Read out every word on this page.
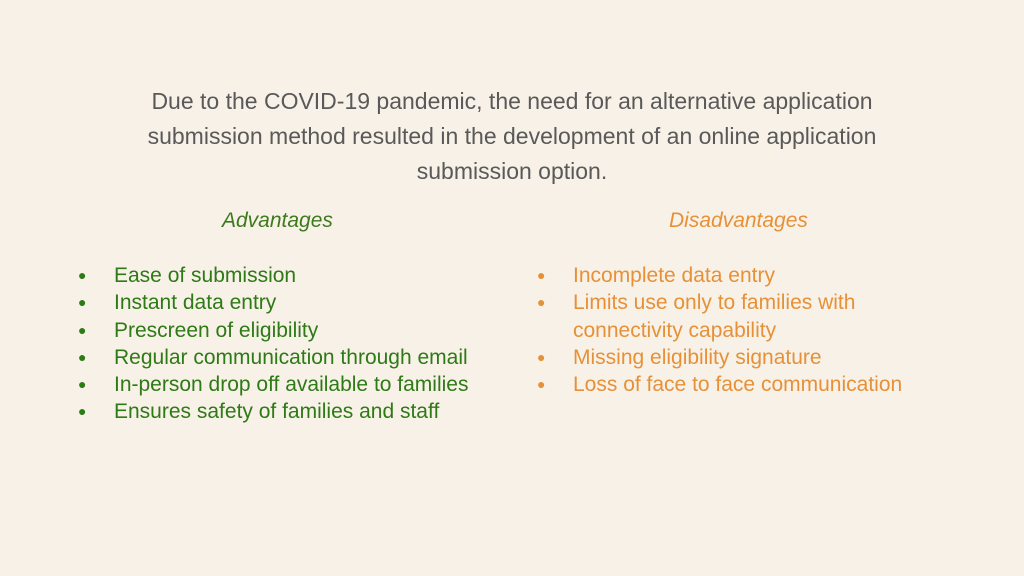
Due to the COVID-19 pandemic, the need for an alternative application submission method resulted in the development of an online application submission option.

Advantages	Disadvantages

● Ease of submission
● Instant data entry
● Prescreen of eligibility
● Regular communication through email
● In-person drop off available to families
● Ensures safety of families and staff
● Incomplete data entry
● Limits use only to families with connectivity capability
● Missing eligibility signature
● Loss of face to face communication
